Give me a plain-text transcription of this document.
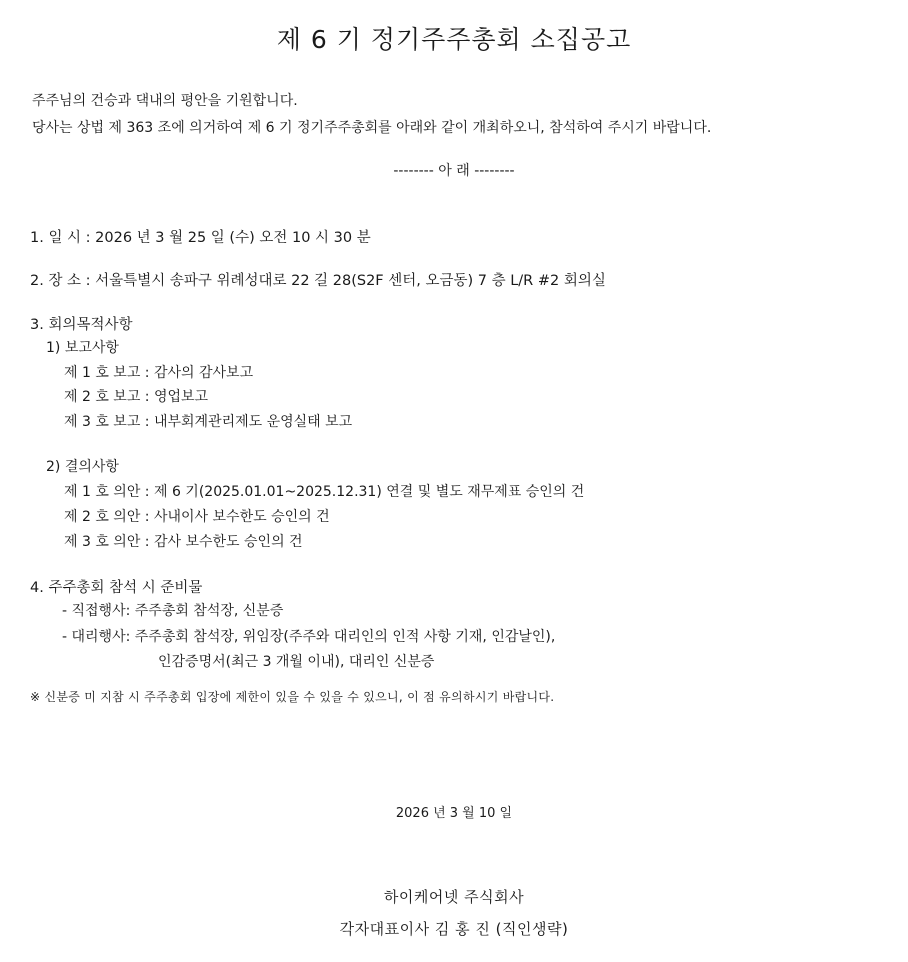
제 6 기 정기주주총회 소집공고
주주님의 건승과 댁내의 평안을 기원합니다.
당사는 상법 제 363 조에 의거하여 제 6 기 정기주주총회를 아래와 같이 개최하오니, 참석하여 주시기 바랍니다.
-------- 아 래 --------
1. 일 시 : 2026 년 3 월 25 일 (수) 오전 10 시 30 분
2. 장 소 : 서울특별시 송파구 위례성대로 22 길 28(S2F 센터, 오금동) 7 층 L/R #2 회의실
3. 회의목적사항
1) 보고사항
제 1 호 보고 : 감사의 감사보고
제 2 호 보고 : 영업보고
제 3 호 보고 : 내부회계관리제도 운영실태 보고
2) 결의사항
제 1 호 의안 : 제 6 기(2025.01.01~2025.12.31) 연결 및 별도 재무제표 승인의 건
제 2 호 의안 : 사내이사 보수한도 승인의 건
제 3 호 의안 : 감사 보수한도 승인의 건
4. 주주총회 참석 시 준비물
- 직접행사: 주주총회 참석장, 신분증
- 대리행사: 주주총회 참석장, 위임장(주주와 대리인의 인적 사항 기재, 인감날인),
인감증명서(최근 3 개월 이내), 대리인 신분증
※ 신분증 미 지참 시 주주총회 입장에 제한이 있을 수 있을 수 있으니, 이 점 유의하시기 바랍니다.
2026 년 3 월 10 일
하이케어넷 주식회사
각자대표이사 김 홍 진 (직인생략)
